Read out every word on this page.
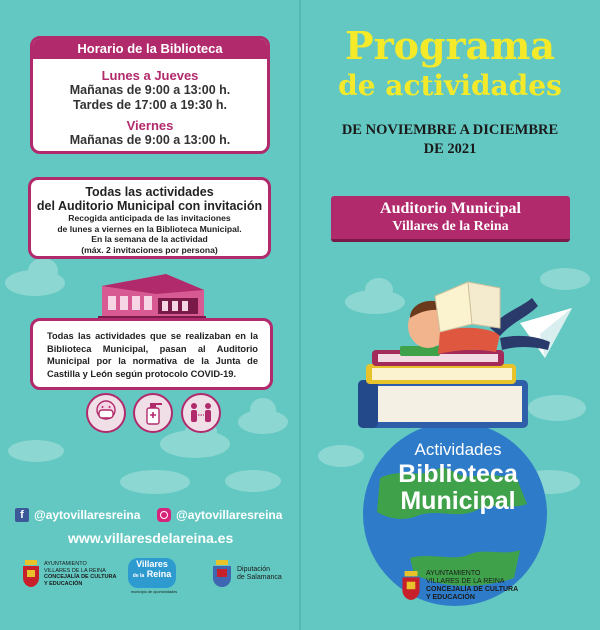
Horario de la Biblioteca
Lunes a Jueves
Mañanas de 9:00 a 13:00 h.
Tardes de 17:00 a 19:30 h.
Viernes
Mañanas de 9:00 a 13:00 h.
Todas las actividades
del Auditorio Municipal con invitación
Recogida anticipada de las invitaciones
de lunes a viernes en la Biblioteca Municipal.
En la semana de la actividad
(máx. 2 invitaciones por persona)
Todas las actividades que se realizaban en la Biblioteca Municipal, pasan al Auditorio Municipal por la normativa de la Junta de Castilla y León según protocolo COVID-19.
f @aytovillaresreina	@aytovillaresreina
www.villaresdelareina.es
AYUNTAMIENTO
VILLARES DE LA REINA
CONCEJALÍA DE CULTURA
Y EDUCACIÓN
Villares
de la Reina
municipio de oportunidades
Diputación
de Salamanca
Programa
de actividades
DE NOVIEMBRE A DICIEMBRE
DE 2021
Auditorio Municipal
Villares de la Reina
Actividades
Biblioteca
Municipal
AYUNTAMIENTO
VILLARES DE LA REINA
CONCEJALÍA DE CULTURA
Y EDUCACIÓN
